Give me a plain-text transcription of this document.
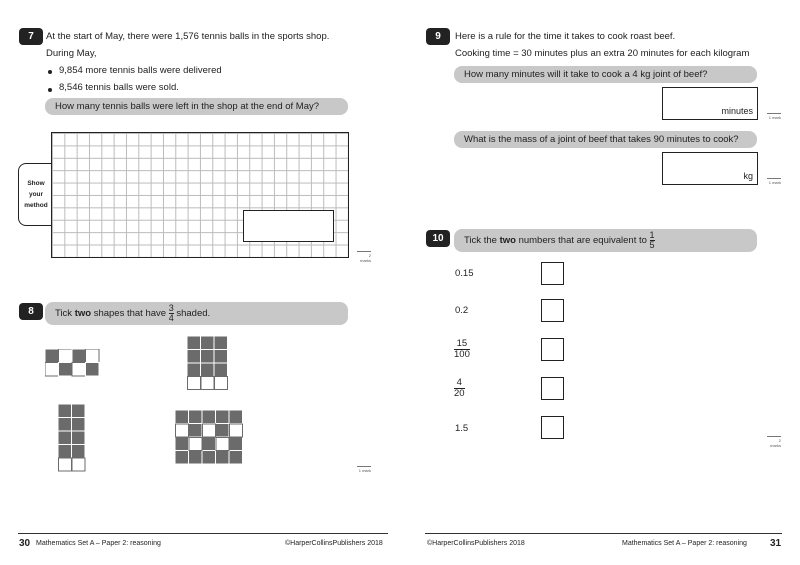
7	At the start of May, there were 1,576 tennis balls in the sports shop.
During May,
9,854 more tennis balls were delivered
8,546 tennis balls were sold.
How many tennis balls were left in the shop at the end of May?
Show
your
method
2 marks
8	Tick two shapes that have $\frac{3}{4}$ shaded.
1 mark
30 Mathematics Set A – Paper 2: reasoning	©HarperCollinsPublishers 2018
9	Here is a rule for the time it takes to cook roast beef.
Cooking time = 30 minutes plus an extra 20 minutes for each kilogram
How many minutes will it take to cook a 4 kg joint of beef?
minutes
1 mark
What is the mass of a joint of beef that takes 90 minutes to cook?
kg
1 mark
10	Tick the two numbers that are equivalent to $\frac{1}{5}$
0.15
0.2
$\frac{15}{100}$
$\frac{4}{20}$
1.5
2 marks
©HarperCollinsPublishers 2018	Mathematics Set A – Paper 2: reasoning 31
